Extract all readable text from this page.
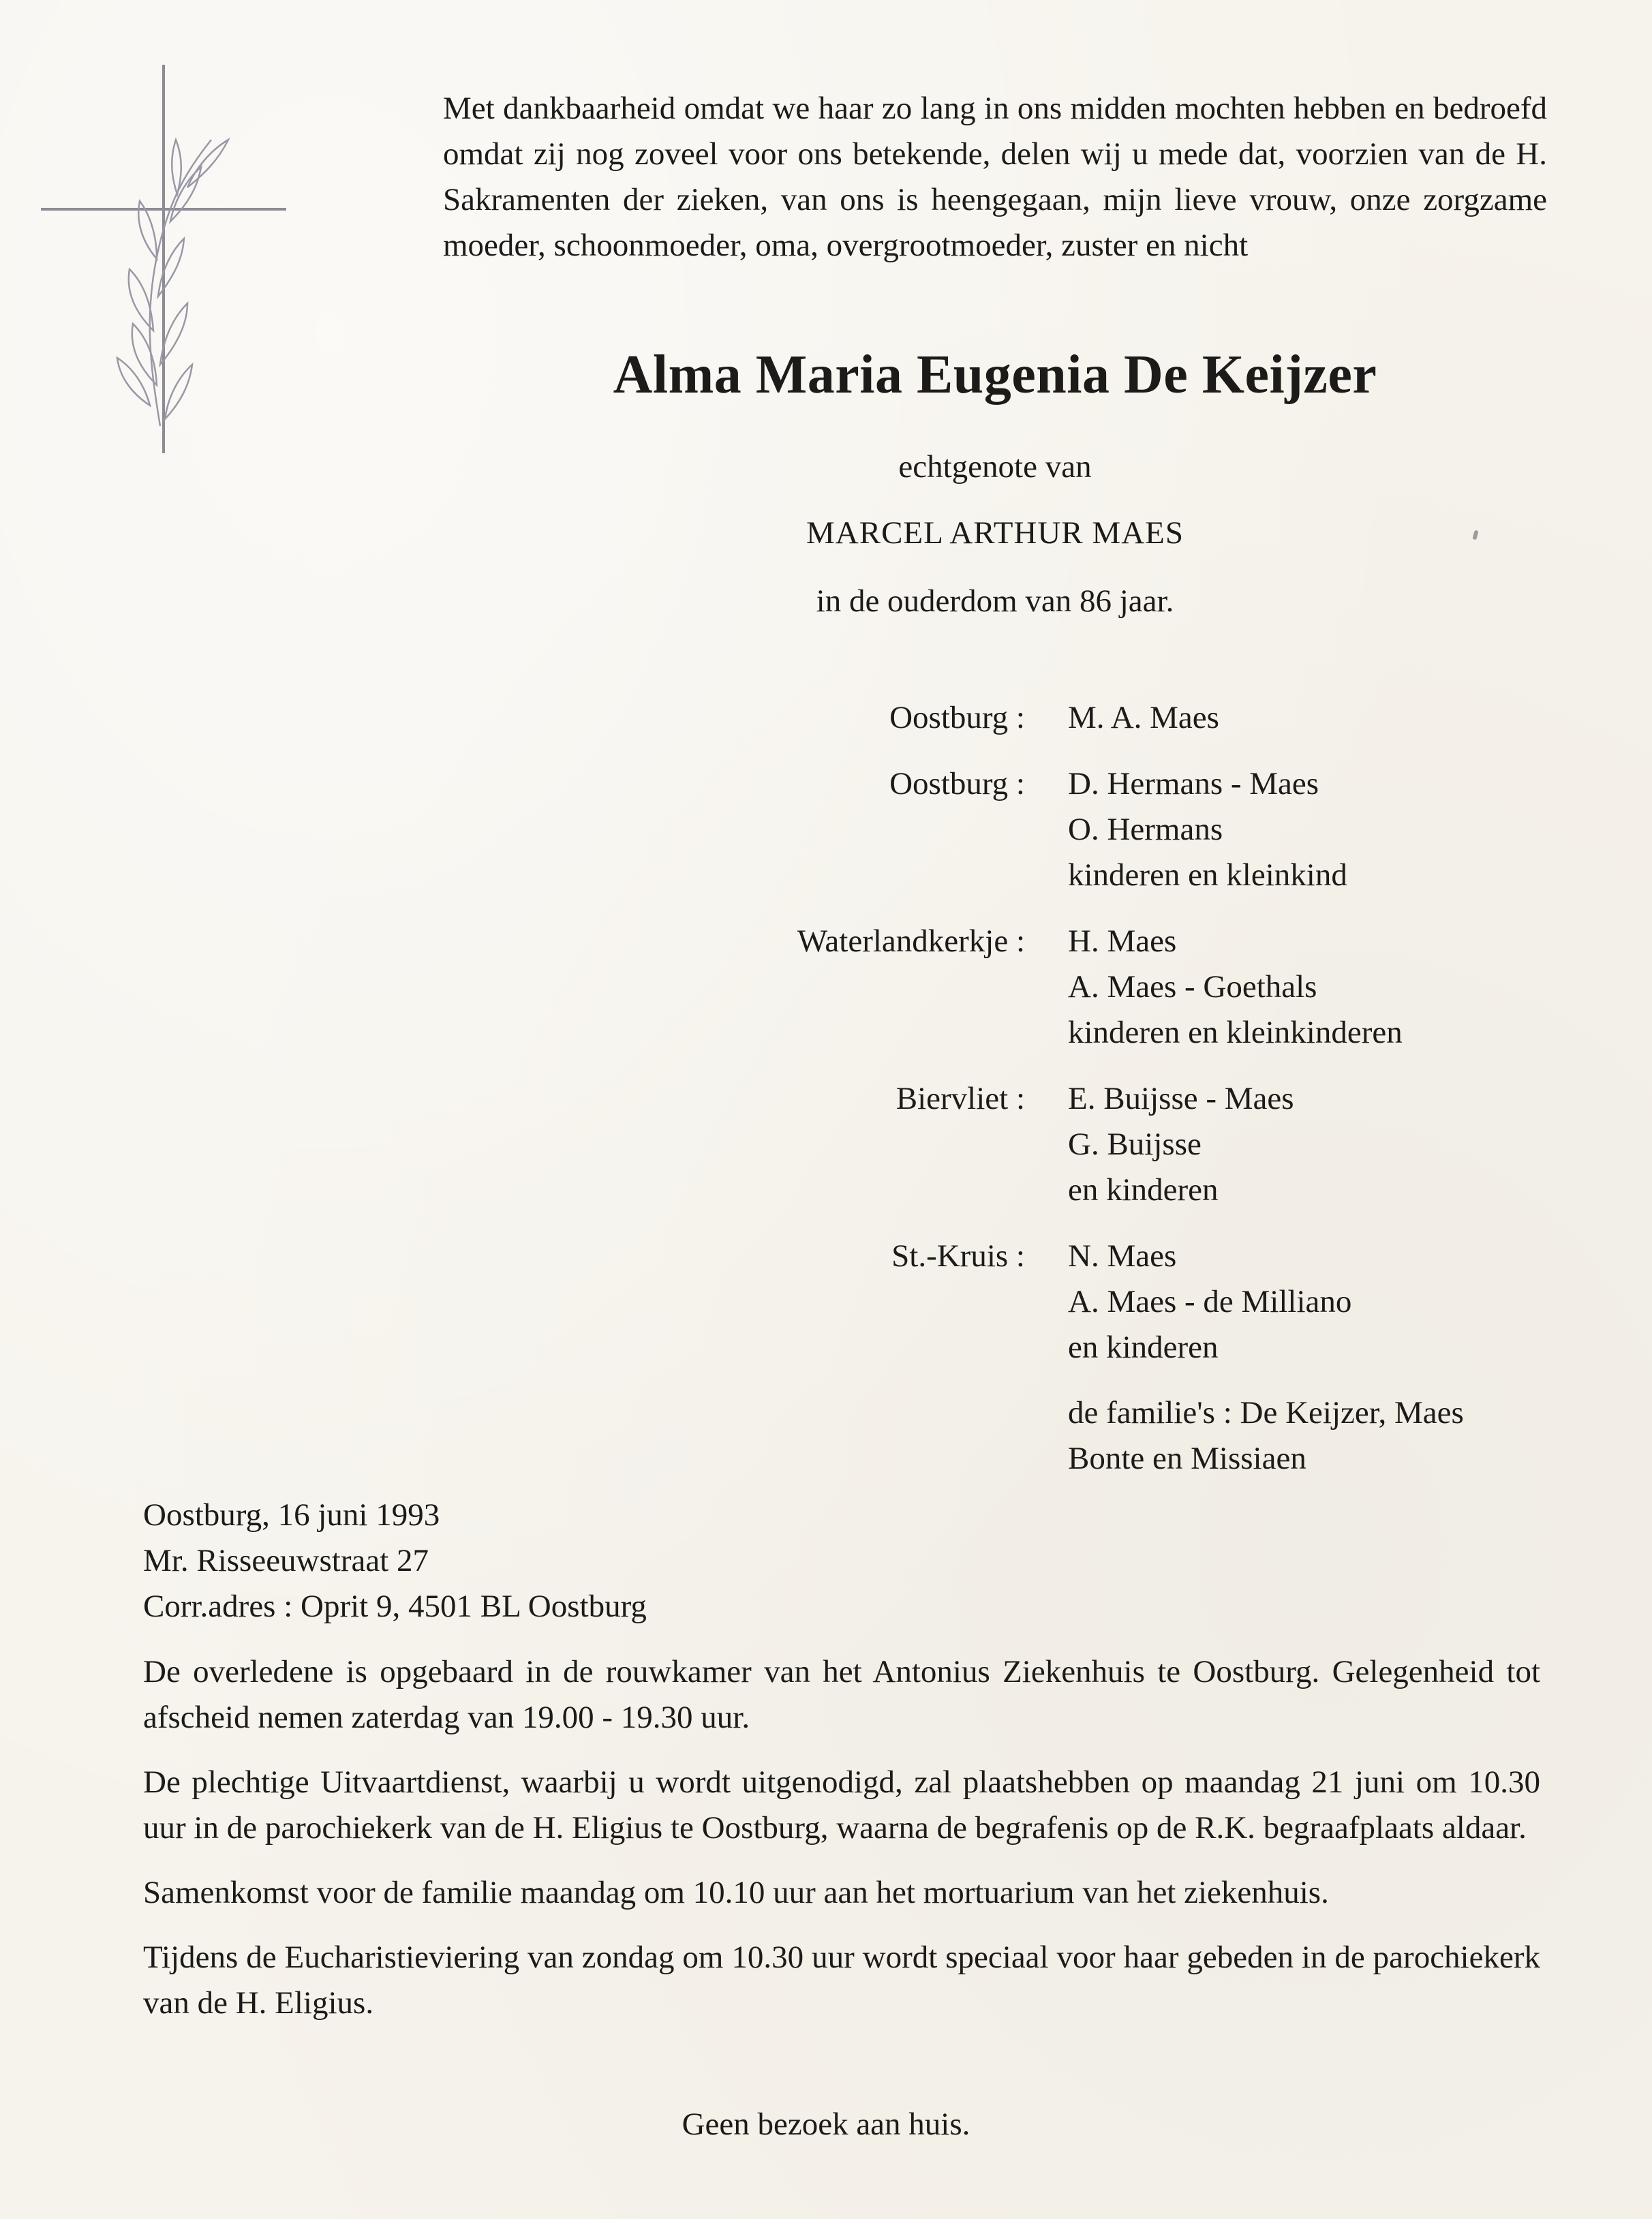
Met dankbaarheid omdat we haar zo lang in ons midden mochten hebben en bedroefd omdat zij nog zoveel voor ons betekende, delen wij u mede dat, voorzien van de H. Sakramenten der zieken, van ons is heengegaan, mijn lieve vrouw, onze zorgzame moeder, schoonmoeder, oma, overgrootmoeder, zuster en nicht

Alma Maria Eugenia De Keijzer

echtgenote van

MARCEL ARTHUR MAES

in de ouderdom van 86 jaar.

Oostburg : M. A. Maes
Oostburg : D. Hermans - Maes
O. Hermans
kinderen en kleinkind
Waterlandkerkje : H. Maes
A. Maes - Goethals
kinderen en kleinkinderen
Biervliet : E. Buijsse - Maes
G. Buijsse
en kinderen
St.-Kruis : N. Maes
A. Maes - de Milliano
en kinderen
de familie's : De Keijzer, Maes
Bonte en Missiaen
Oostburg, 16 juni 1993
Mr. Risseeuwstraat 27
Corr.adres : Oprit 9, 4501 BL Oostburg

De overledene is opgebaard in de rouwkamer van het Antonius Ziekenhuis te Oostburg. Gelegenheid tot afscheid nemen zaterdag van 19.00 - 19.30 uur.

De plechtige Uitvaartdienst, waarbij u wordt uitgenodigd, zal plaatshebben op maandag 21 juni om 10.30 uur in de parochiekerk van de H. Eligius te Oostburg, waarna de begrafenis op de R.K. begraafplaats aldaar.

Samenkomst voor de familie maandag om 10.10 uur aan het mortuarium van het ziekenhuis.

Tijdens de Eucharistieviering van zondag om 10.30 uur wordt speciaal voor haar gebeden in de parochiekerk van de H. Eligius.

Geen bezoek aan huis.
